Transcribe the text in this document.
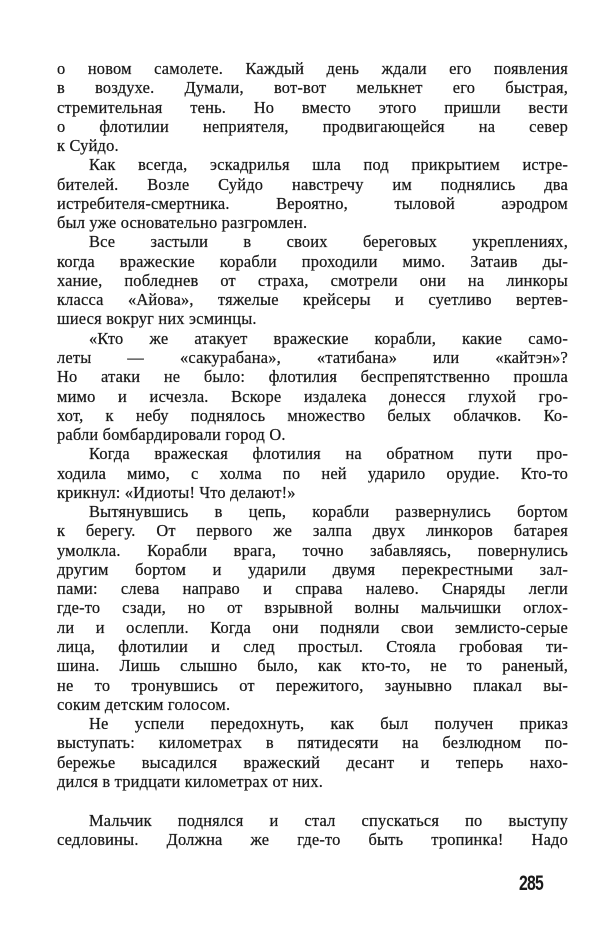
о новом самолете. Каждый день ждали его появления
в воздухе. Думали, вот-вот мелькнет его быстрая,
стремительная тень. Но вместо этого пришли вести
о флотилии неприятеля, продвигающейся на север
к Суйдо.
Как всегда, эскадрилья шла под прикрытием истре-
бителей. Возле Суйдо навстречу им поднялись два
истребителя-смертника. Вероятно, тыловой аэродром
был уже основательно разгромлен.
Все застыли в своих береговых укреплениях,
когда вражеские корабли проходили мимо. Затаив ды-
хание, побледнев от страха, смотрели они на линкоры
класса «Айова», тяжелые крейсеры и суетливо вертев-
шиеся вокруг них эсминцы.
«Кто же атакует вражеские корабли, какие само-
леты — «сакурабана», «татибана» или «кайтэн»?
Но атаки не было: флотилия беспрепятственно прошла
мимо и исчезла. Вскоре издалека донесся глухой гро-
хот, к небу поднялось множество белых облачков. Ко-
рабли бомбардировали город О.
Когда вражеская флотилия на обратном пути про-
ходила мимо, с холма по ней ударило орудие. Кто-то
крикнул: «Идиоты! Что делают!»
Вытянувшись в цепь, корабли развернулись бортом
к берегу. От первого же залпа двух линкоров батарея
умолкла. Корабли врага, точно забавляясь, повернулись
другим бортом и ударили двумя перекрестными зал-
пами: слева направо и справа налево. Снаряды легли
где-то сзади, но от взрывной волны мальчишки оглох-
ли и ослепли. Когда они подняли свои землисто-серые
лица, флотилии и след простыл. Стояла гробовая ти-
шина. Лишь слышно было, как кто-то, не то раненый,
не то тронувшись от пережитого, заунывно плакал вы-
соким детским голосом.
Не успели передохнуть, как был получен приказ
выступать: километрах в пятидесяти на безлюдном по-
бережье высадился вражеский десант и теперь нахо-
дился в тридцати километрах от них.
Мальчик поднялся и стал спускаться по выступу
седловины. Должна же где-то быть тропинка! Надо
285
